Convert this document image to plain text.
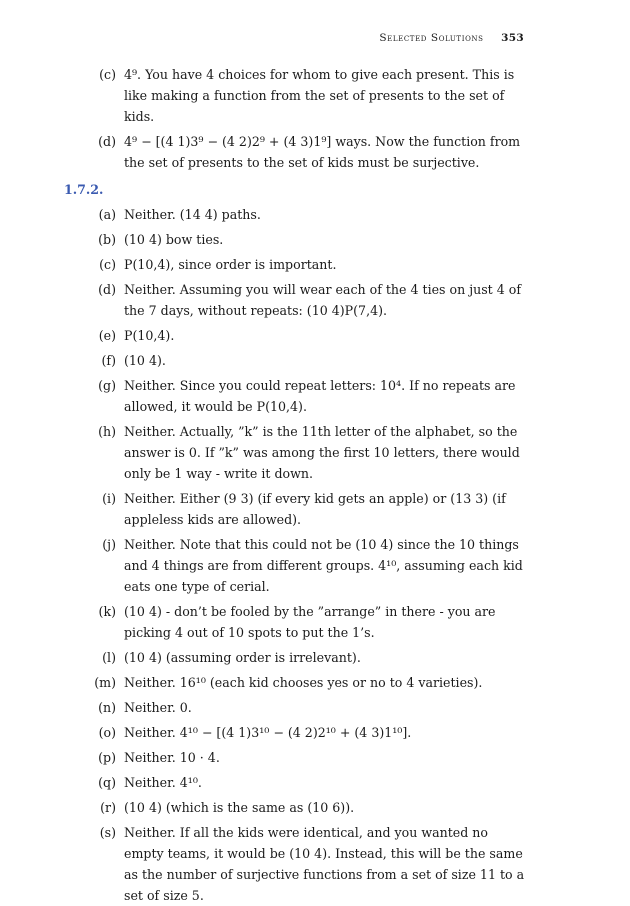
Selected Solutions 353
(c) 4⁹. You have 4 choices for whom to give each present. This is like making a function from the set of presents to the set of kids.
(d) 4⁹ − [(4 1)3⁹ − (4 2)2⁹ + (4 3)1⁹] ways. Now the function from the set of presents to the set of kids must be surjective.
1.7.2.
(a) Neither. (14 4) paths.
(b) (10 4) bow ties.
(c) P(10,4), since order is important.
(d) Neither. Assuming you will wear each of the 4 ties on just 4 of the 7 days, without repeats: (10 4)P(7,4).
(e) P(10,4).
(f) (10 4).
(g) Neither. Since you could repeat letters: 10⁴. If no repeats are allowed, it would be P(10,4).
(h) Neither. Actually, ”k” is the 11th letter of the alphabet, so the answer is 0. If ”k” was among the first 10 letters, there would only be 1 way - write it down.
(i) Neither. Either (9 3) (if every kid gets an apple) or (13 3) (if appleless kids are allowed).
(j) Neither. Note that this could not be (10 4) since the 10 things and 4 things are from different groups. 4¹⁰, assuming each kid eats one type of cerial.
(k) (10 4) - don’t be fooled by the ”arrange” in there - you are picking 4 out of 10 spots to put the 1’s.
(l) (10 4) (assuming order is irrelevant).
(m) Neither. 16¹⁰ (each kid chooses yes or no to 4 varieties).
(n) Neither. 0.
(o) Neither. 4¹⁰ − [(4 1)3¹⁰ − (4 2)2¹⁰ + (4 3)1¹⁰].
(p) Neither. 10 · 4.
(q) Neither. 4¹⁰.
(r) (10 4) (which is the same as (10 6)).
(s) Neither. If all the kids were identical, and you wanted no empty teams, it would be (10 4). Instead, this will be the same as the number of surjective functions from a set of size 11 to a set of size 5.
